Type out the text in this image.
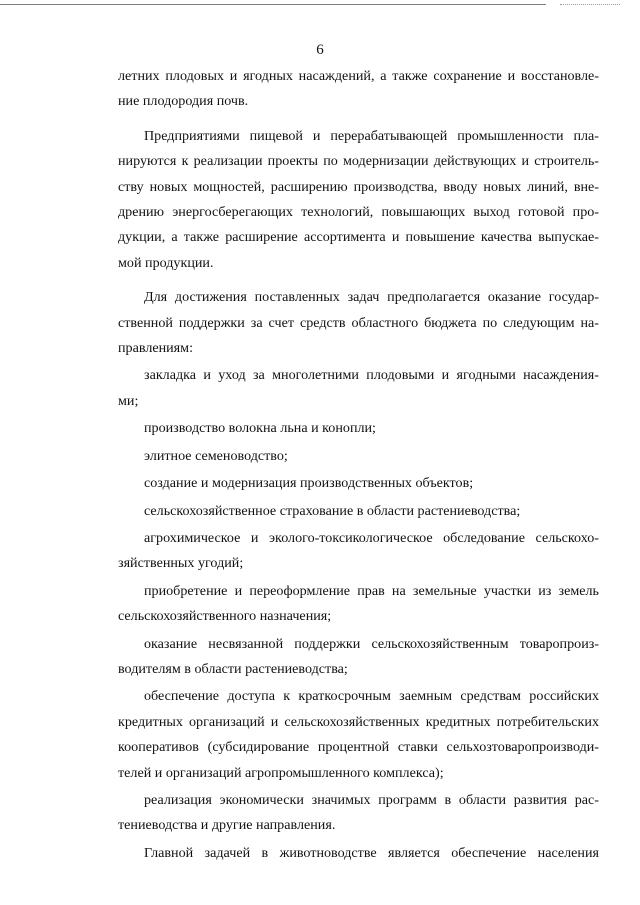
6

летних плодовых и ягодных насаждений, а также сохранение и восстановле-

ние плодородия почв.

Предприятиями пищевой и перерабатывающей промышленности пла-

нируются к реализации проекты по модернизации действующих и строитель-

ству новых мощностей, расширению производства, вводу новых линий, вне-

дрению энергосберегающих технологий, повышающих выход готовой про-

дукции, а также расширение ассортимента и повышение качества выпускае-

мой продукции.

Для достижения поставленных задач предполагается оказание государ-

ственной поддержки за счет средств областного бюджета по следующим на-

правлениям:

закладка и уход за многолетними плодовыми и ягодными насаждения-

ми;

производство волокна льна и конопли;

элитное семеноводство;

создание и модернизация производственных объектов;

сельскохозяйственное страхование в области растениеводства;

агрохимическое и эколого-токсикологическое обследование сельскохо-

зяйственных угодий;

приобретение и переоформление прав на земельные участки из земель

сельскохозяйственного назначения;

оказание несвязанной поддержки сельскохозяйственным товаропроиз-

водителям в области растениеводства;

обеспечение доступа к краткосрочным заемным средствам российских

кредитных организаций и сельскохозяйственных кредитных потребительских

кооперативов (субсидирование процентной ставки сельхозтоваропроизводи-

телей и организаций агропромышленного комплекса);

реализация экономически значимых программ в области развития рас-

тениеводства и другие направления.

Главной задачей в животноводстве является обеспечение населения
